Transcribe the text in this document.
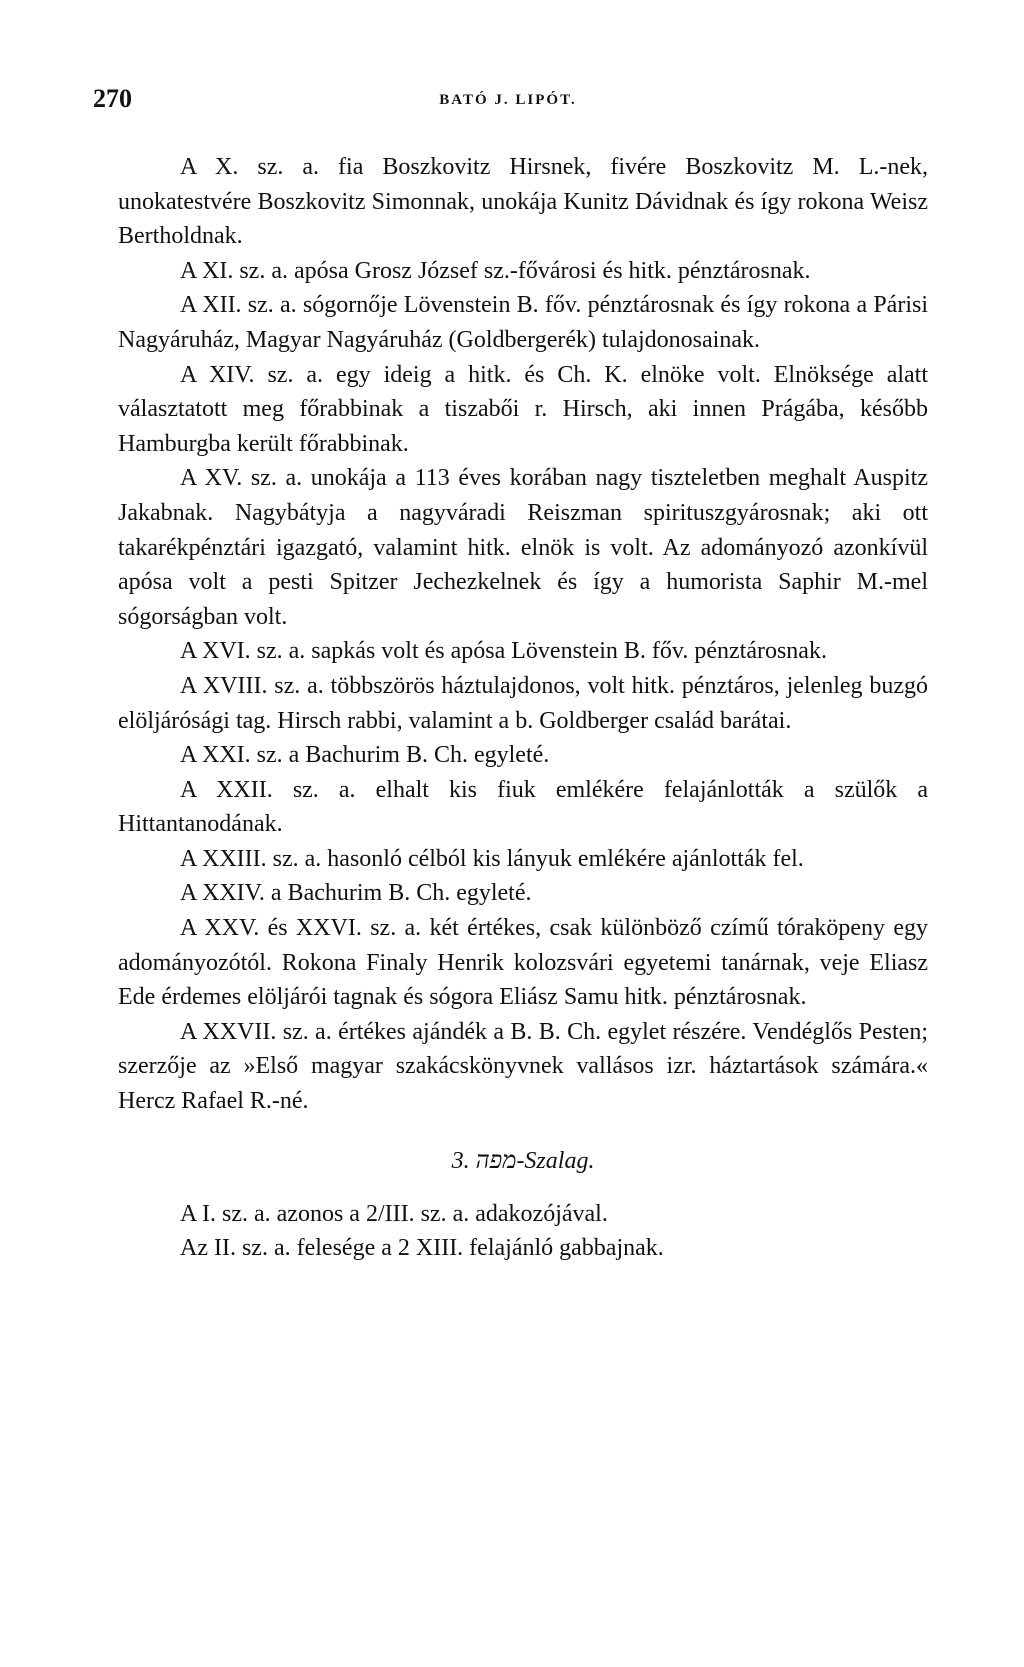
270	BATÓ J. LIPÓT.

A X. sz. a. fia Boszkovitz Hirsnek, fivére Boszkovitz M. L.-nek, unokatestvére Boszkovitz Simonnak, unokája Kunitz Dávidnak és így rokona Weisz Bertholdnak.

A XI. sz. a. apósa Grosz József sz.-fővárosi és hitk. pénztárosnak.

A XII. sz. a. sógornője Lövenstein B. főv. pénztárosnak és így rokona a Párisi Nagyáruház, Magyar Nagyáruház (Goldbergerék) tulajdonosainak.

A XIV. sz. a. egy ideig a hitk. és Ch. K. elnöke volt. Elnöksége alatt választatott meg főrabbinak a tiszabői r. Hirsch, aki innen Prágába, később Hamburgba került főrabbinak.

A XV. sz. a. unokája a 113 éves korában nagy tiszteletben meghalt Auspitz Jakabnak. Nagybátyja a nagyváradi Reiszman spirituszgyárosnak; aki ott takarékpénztári igazgató, valamint hitk. elnök is volt. Az adományozó azonkívül apósa volt a pesti Spitzer Jechezkelnek és így a humorista Saphir M.-mel sógorságban volt.

A XVI. sz. a. sapkás volt és apósa Lövenstein B. főv. pénztárosnak.

A XVIII. sz. a. többszörös háztulajdonos, volt hitk. pénztáros, jelenleg buzgó elöljárósági tag. Hirsch rabbi, valamint a b. Goldberger család barátai.

A XXI. sz. a Bachurim B. Ch. egyleté.

A XXII. sz. a. elhalt kis fiuk emlékére felajánlották a szülők a Hittantanodának.

A XXIII. sz. a. hasonló célból kis lányuk emlékére ajánlották fel.

A XXIV. a Bachurim B. Ch. egyleté.

A XXV. és XXVI. sz. a. két értékes, csak különböző czímű tóraköpeny egy adományozótól. Rokona Finaly Henrik kolozsvári egyetemi tanárnak, veje Eliasz Ede érdemes elöljárói tagnak és sógora Eliász Samu hitk. pénztárosnak.

A XXVII. sz. a. értékes ajándék a B. B. Ch. egylet részére. Vendéglős Pesten; szerzője az »Első magyar szakácskönyvnek vallásos izr. háztartások számára.« Hercz Rafael R.-né.

3. מפה-Szalag.

A I. sz. a. azonos a 2/III. sz. a. adakozójával.

Az II. sz. a. felesége a 2 XIII. felajánló gabbajnak.
